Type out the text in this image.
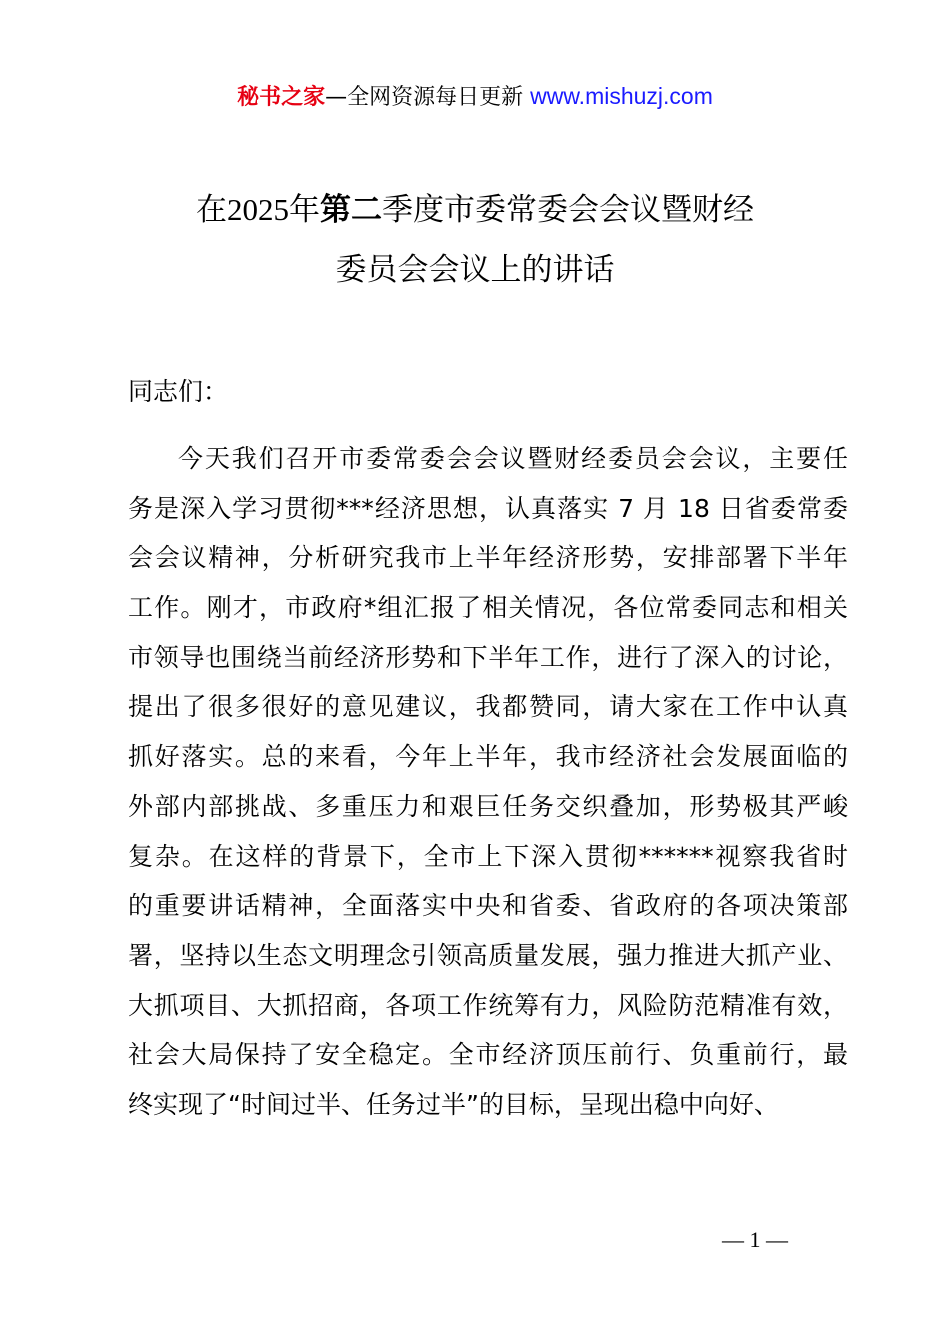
秘书之家—全网资源每日更新 www.mishuzj.com
在2025年第二季度市委常委会会议暨财经
委员会会议上的讲话
同志们：
今天我们召开市委常委会会议暨财经委员会会议，主要任
务是深入学习贯彻***经济思想，认真落实 7 月 18 日省委常委
会会议精神，分析研究我市上半年经济形势，安排部署下半年
工作。刚才，市政府*组汇报了相关情况，各位常委同志和相关
市领导也围绕当前经济形势和下半年工作，进行了深入的讨论，
提出了很多很好的意见建议，我都赞同，请大家在工作中认真
抓好落实。总的来看，今年上半年，我市经济社会发展面临的
外部内部挑战、多重压力和艰巨任务交织叠加，形势极其严峻
复杂。在这样的背景下，全市上下深入贯彻******视察我省时
的重要讲话精神，全面落实中央和省委、省政府的各项决策部
署，坚持以生态文明理念引领高质量发展，强力推进大抓产业、
大抓项目、大抓招商，各项工作统筹有力，风险防范精准有效，
社会大局保持了安全稳定。全市经济顶压前行、负重前行，最
终实现了“时间过半、任务过半”的目标，呈现出稳中向好、
— 1 —
